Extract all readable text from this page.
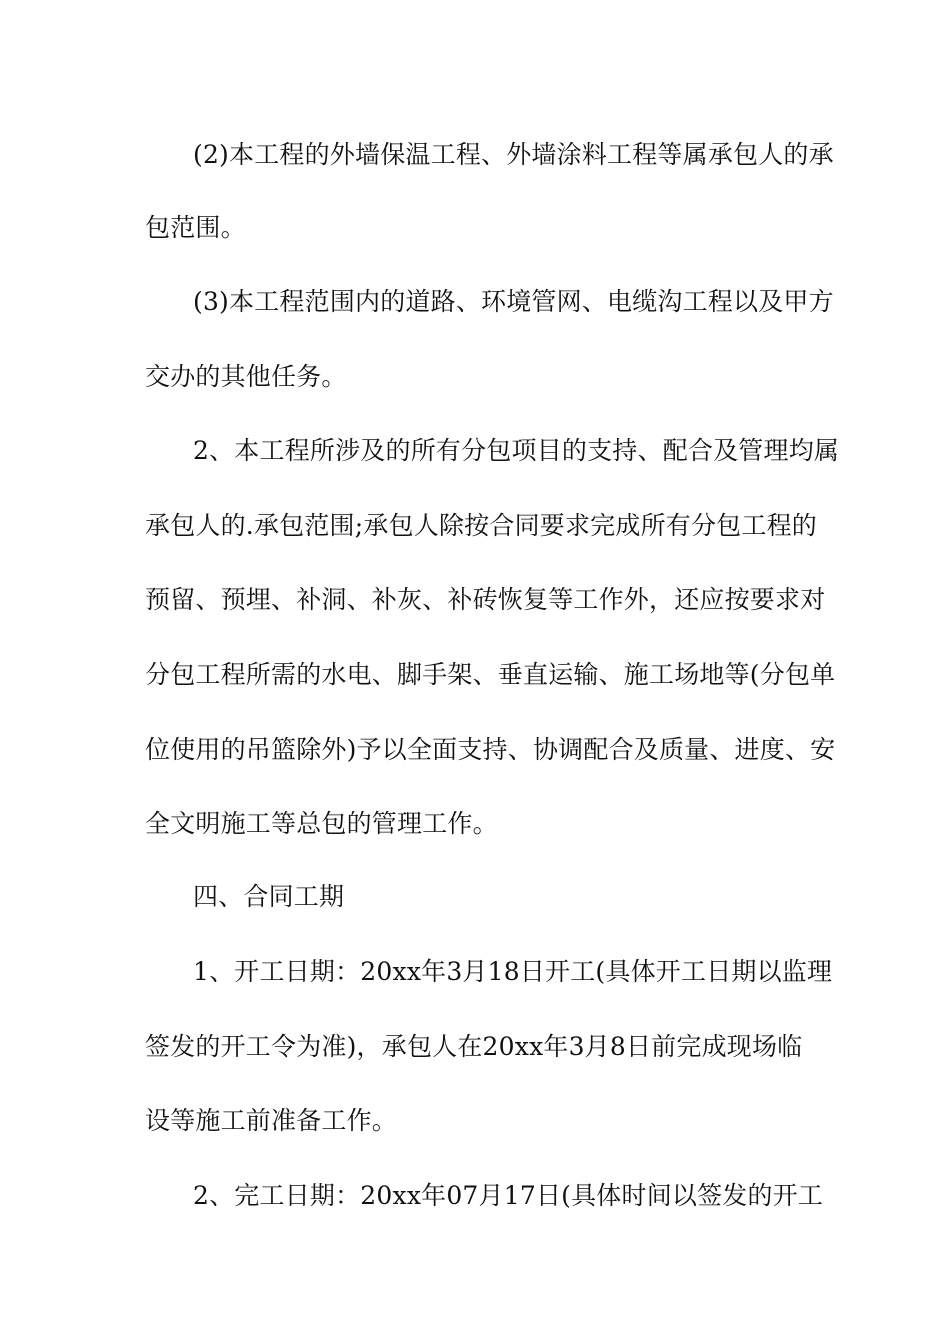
(2)本工程的外墙保温工程、外墙涂料工程等属承包人的承
包范围。
(3)本工程范围内的道路、环境管网、电缆沟工程以及甲方
交办的其他任务。
2、本工程所涉及的所有分包项目的支持、配合及管理均属
承包人的.承包范围;承包人除按合同要求完成所有分包工程的
预留、预埋、补洞、补灰、补砖恢复等工作外，还应按要求对
分包工程所需的水电、脚手架、垂直运输、施工场地等(分包单
位使用的吊篮除外)予以全面支持、协调配合及质量、进度、安
全文明施工等总包的管理工作。
四、合同工期
1、开工日期：20xx年3月18日开工(具体开工日期以监理
签发的开工令为准)，承包人在20xx年3月8日前完成现场临
设等施工前准备工作。
2、完工日期：20xx年07月17日(具体时间以签发的开工
